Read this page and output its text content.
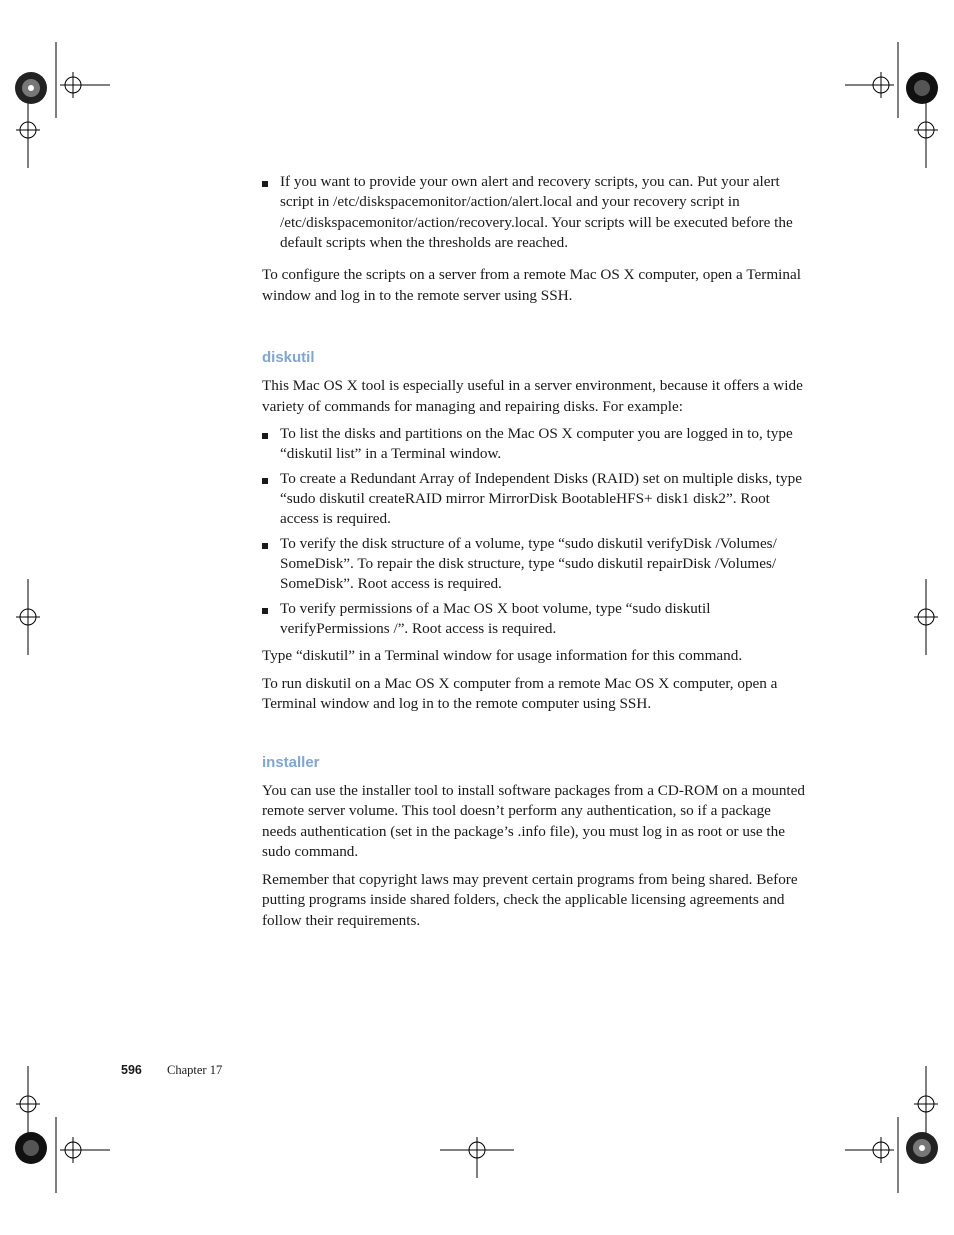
If you want to provide your own alert and recovery scripts, you can. Put your alert script in /etc/diskspacemonitor/action/alert.local and your recovery script in /etc/diskspacemonitor/action/recovery.local. Your scripts will be executed before the default scripts when the thresholds are reached.

To configure the scripts on a server from a remote Mac OS X computer, open a Terminal window and log in to the remote server using SSH.

diskutil

This Mac OS X tool is especially useful in a server environment, because it offers a wide variety of commands for managing and repairing disks. For example:

To list the disks and partitions on the Mac OS X computer you are logged in to, type “diskutil list” in a Terminal window.
To create a Redundant Array of Independent Disks (RAID) set on multiple disks, type “sudo diskutil createRAID mirror MirrorDisk BootableHFS+ disk1 disk2”. Root access is required.
To verify the disk structure of a volume, type “sudo diskutil verifyDisk /Volumes/ SomeDisk”. To repair the disk structure, type “sudo diskutil repairDisk /Volumes/ SomeDisk”. Root access is required.
To verify permissions of a Mac OS X boot volume, type “sudo diskutil verifyPermissions /”. Root access is required.

Type “diskutil” in a Terminal window for usage information for this command.

To run diskutil on a Mac OS X computer from a remote Mac OS X computer, open a Terminal window and log in to the remote computer using SSH.

installer

You can use the installer tool to install software packages from a CD-ROM on a mounted remote server volume. This tool doesn’t perform any authentication, so if a package needs authentication (set in the package’s .info file), you must log in as root or use the sudo command.

Remember that copyright laws may prevent certain programs from being shared. Before putting programs inside shared folders, check the applicable licensing agreements and follow their requirements.

596	Chapter 17
